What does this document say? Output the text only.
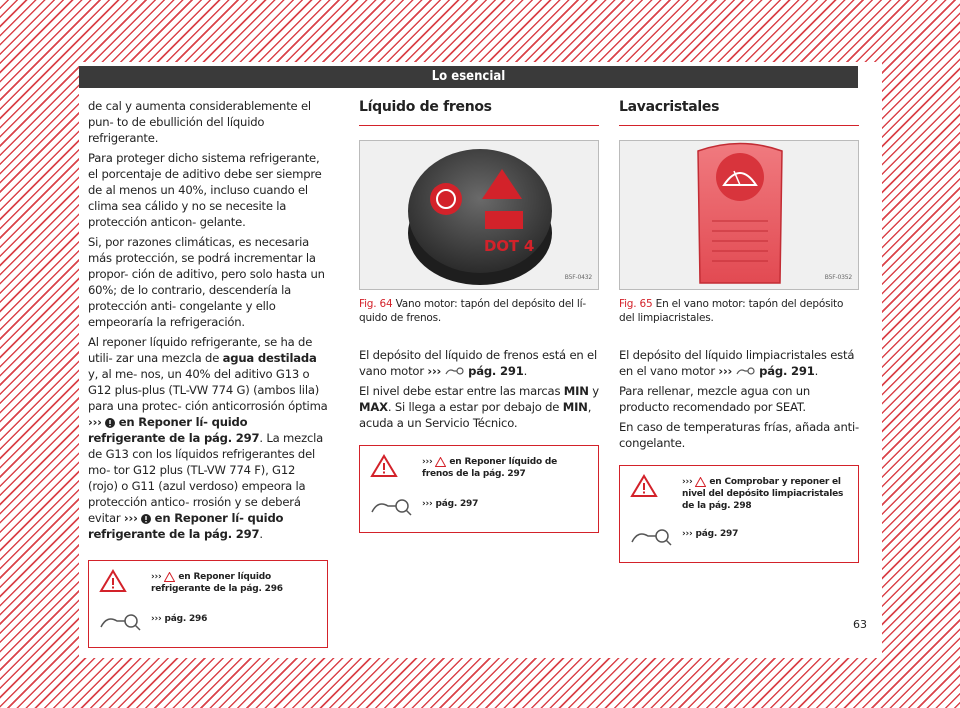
Lo esencial

de cal y aumenta considerablemente el pun- to de ebullición del líquido refrigerante.

Para proteger dicho sistema refrigerante, el porcentaje de aditivo debe ser siempre de al menos un 40%, incluso cuando el clima sea cálido y no se necesite la protección anticon- gelante.

Si, por razones climáticas, es necesaria más protección, se podrá incrementar la propor- ción de aditivo, pero solo hasta un 60%; de lo contrario, descendería la protección anti- congelante y ello empeoraría la refrigeración.

Al reponer líquido refrigerante, se ha de utili- zar una mezcla de agua destilada y, al me- nos, un 40% del aditivo G13 o G12 plus-plus (TL-VW 774 G) (ambos lila) para una protec- ción anticorrosión óptima ››› en Reponer lí- quido refrigerante de la pág. 297. La mezcla de G13 con los líquidos refrigerantes del mo- tor G12 plus (TL-VW 774 F), G12 (rojo) o G11 (azul verdoso) empeora la protección antico- rrosión y se deberá evitar ››› en Reponer lí- quido refrigerante de la pág. 297.

››› en Reponer líquido refrigerante de la pág. 296
››› pág. 296
Líquido de frenos
DOT 4
B5F-0432
Fig. 64 Vano motor: tapón del depósito del lí- quido de frenos.

El depósito del líquido de frenos está en el vano motor ››› pág. 291.

El nivel debe estar entre las marcas MIN y MAX. Si llega a estar por debajo de MIN, acuda a un Servicio Técnico.

››› en Reponer líquido de frenos de la pág. 297
››› pág. 297
Lavacristales
B5F-0352
Fig. 65 En el vano motor: tapón del depósito del limpiacristales.

El depósito del líquido limpiacristales está en el vano motor ››› pág. 291.

Para rellenar, mezcle agua con un producto recomendado por SEAT.

En caso de temperaturas frías, añada anti- congelante.

››› en Comprobar y reponer el nivel del depósito limpiacristales de la pág. 298
››› pág. 297
63
